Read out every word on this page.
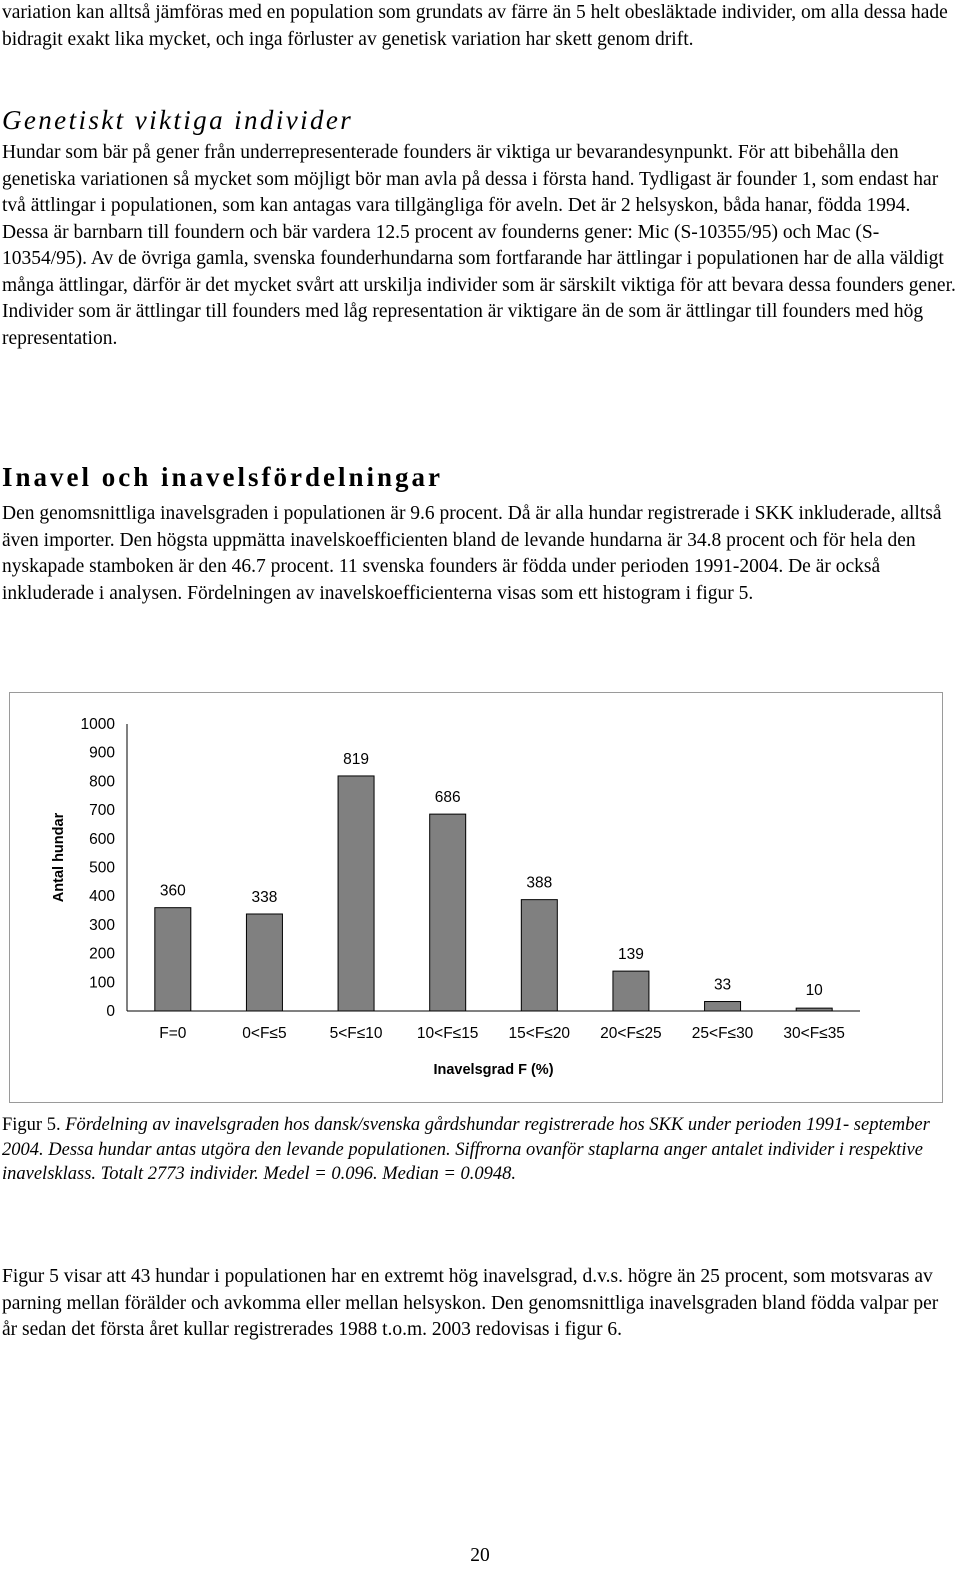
variation kan alltså jämföras med en population som grundats av färre än 5 helt obesläktade individer, om alla dessa hade bidragit exakt lika mycket, och inga förluster av genetisk variation har skett genom drift.

Genetiskt viktiga individer

Hundar som bär på gener från underrepresenterade founders är viktiga ur bevarandesynpunkt. För att bibehålla den genetiska variationen så mycket som möjligt bör man avla på dessa i första hand. Tydligast är founder 1, som endast har två ättlingar i populationen, som kan antagas vara tillgängliga för aveln. Det är 2 helsyskon, båda hanar, födda 1994. Dessa är barnbarn till foundern och bär vardera 12.5 procent av founderns gener: Mic (S-10355/95) och Mac (S-10354/95). Av de övriga gamla, svenska founderhundarna som fortfarande har ättlingar i populationen har de alla väldigt många ättlingar, därför är det mycket svårt att urskilja individer som är särskilt viktiga för att bevara dessa founders gener. Individer som är ättlingar till founders med låg representation är viktigare än de som är ättlingar till founders med hög representation.

Inavel och inavelsfördelningar

Den genomsnittliga inavelsgraden i populationen är 9.6 procent. Då är alla hundar registrerade i SKK inkluderade, alltså även importer. Den högsta uppmätta inavelskoefficienten bland de levande hundarna är 34.8 procent och för hela den nyskapade stamboken är den 46.7 procent. 11 svenska founders är födda under perioden 1991-2004. De är också inkluderade i analysen. Fördelningen av inavelskoefficienterna visas som ett histogram i figur 5.

0
100
200
300
400
500
600
700
800
900
1000
360	338
819
686
388
139
33	10
F=0	0<F≤5	5<F≤10 10<F≤15 15<F≤20 20<F≤25 25<F≤30 30<F≤35
Inavelsgrad F (%)
Antal hundar

Figur 5. Fördelning av inavelsgraden hos dansk/svenska gårdshundar registrerade hos SKK under perioden 1991- september 2004. Dessa hundar antas utgöra den levande populationen. Siffrorna ovanför staplarna anger antalet individer i respektive inavelsklass. Totalt 2773 individer. Medel = 0.096. Median = 0.0948.

Figur 5 visar att 43 hundar i populationen har en extremt hög inavelsgrad, d.v.s. högre än 25 procent, som motsvaras av parning mellan förälder och avkomma eller mellan helsyskon. Den genomsnittliga inavelsgraden bland födda valpar per år sedan det första året kullar registrerades 1988 t.o.m. 2003 redovisas i figur 6.

20
